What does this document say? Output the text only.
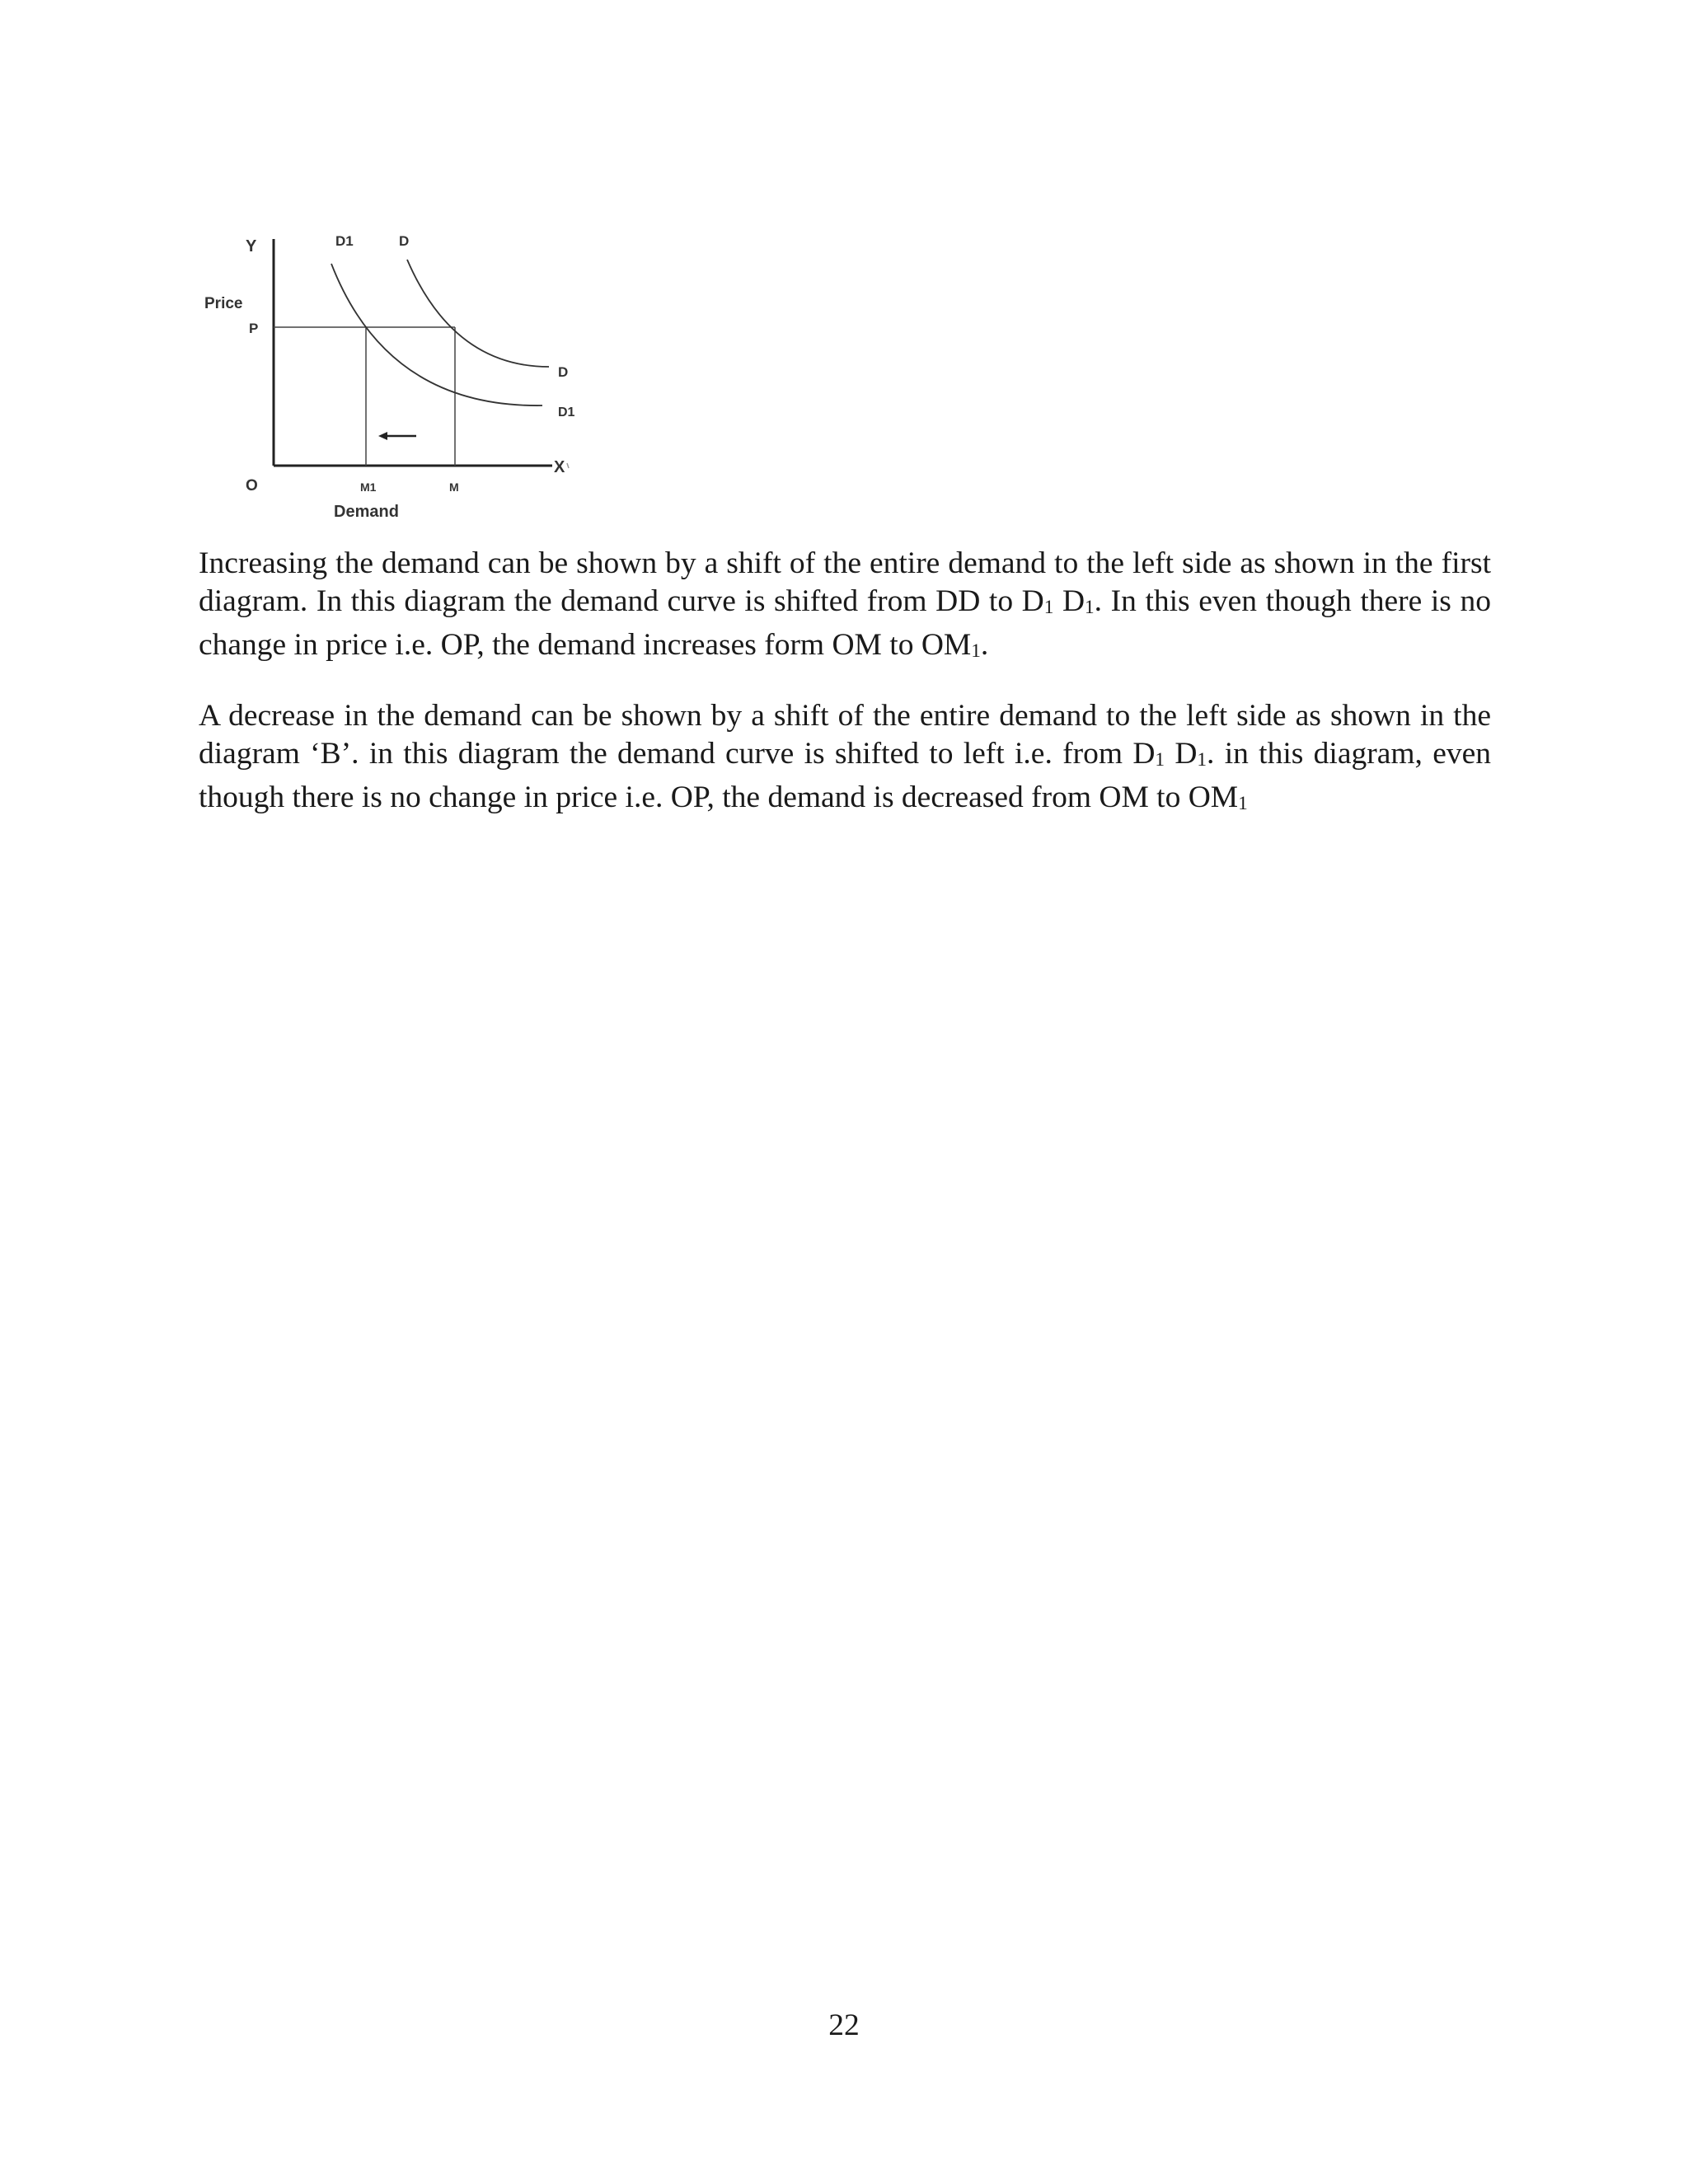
Y	D1	D
Price
P
D
D1
X
O	M1	M
Demand

Increasing the demand can be shown by a shift of the entire demand to the left side as shown in the first diagram. In this diagram the demand curve is shifted from DD to D1 D1. In this even though there is no change in price i.e. OP, the demand increases form OM to OM1.

A decrease in the demand can be shown by a shift of the entire demand to the left side as shown in the diagram ‘B’. in this diagram the demand curve is shifted to left i.e. from D1 D1. in this diagram, even though there is no change in price i.e. OP, the demand is decreased from OM to OM1

22
